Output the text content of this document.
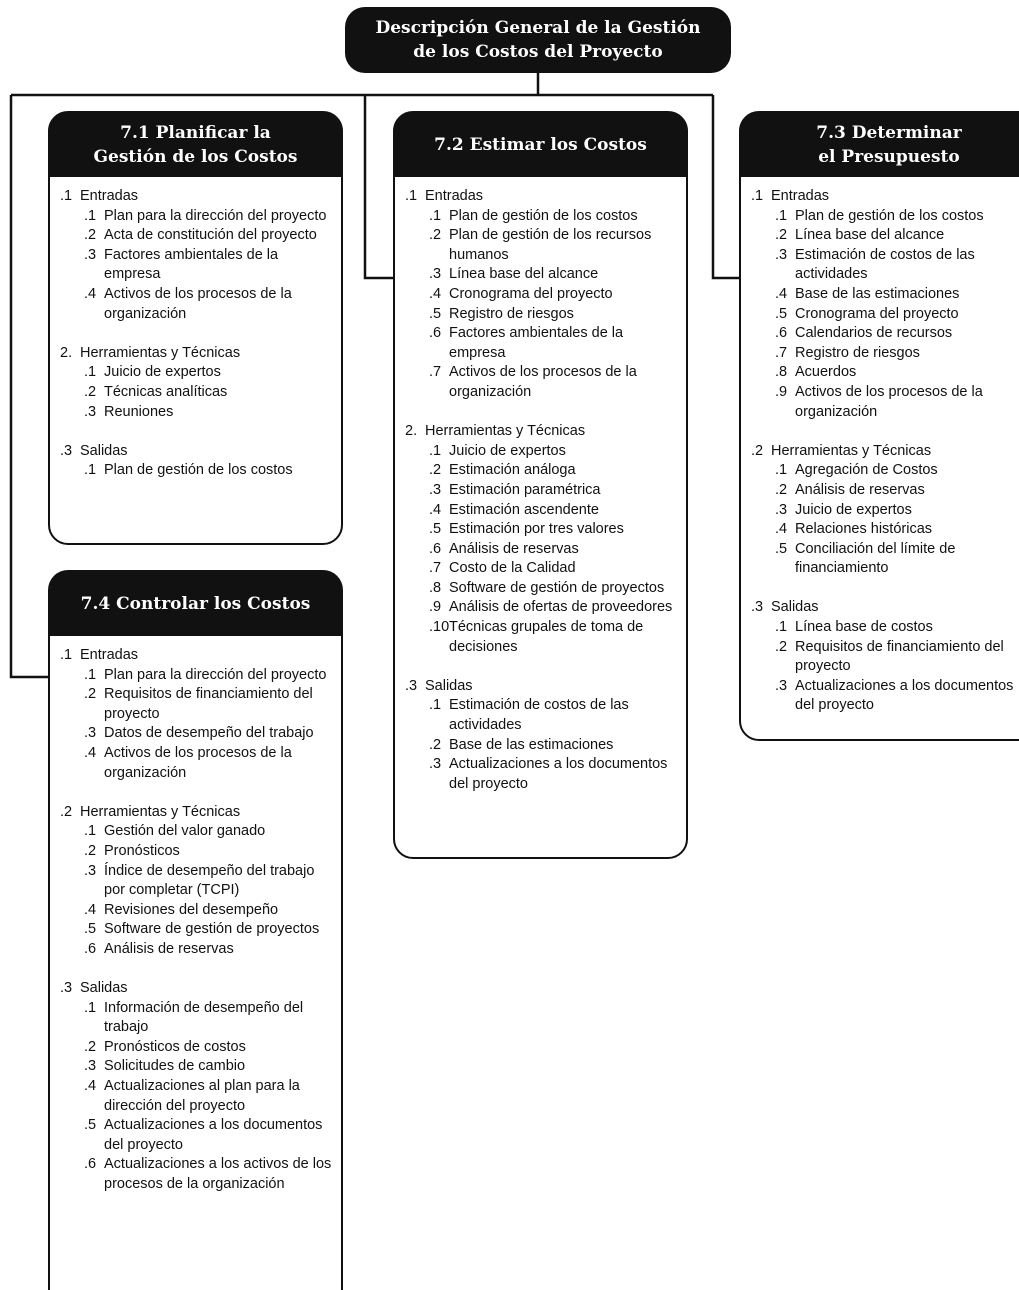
Descripción General de la Gestión
de los Costos del Proyecto
7.1 Planificar la
Gestión de los Costos
.1 Entradas
.1 Plan para la dirección del proyecto
.2 Acta de constitución del proyecto
.3 Factores ambientales de la empresa
.4 Activos de los procesos de la organización
2. Herramientas y Técnicas
.1 Juicio de expertos
.2 Técnicas analíticas
.3 Reuniones
.3 Salidas
.1 Plan de gestión de los costos
7.2 Estimar los Costos
.1 Entradas
.1 Plan de gestión de los costos
.2 Plan de gestión de los recursos humanos
.3 Línea base del alcance
.4 Cronograma del proyecto
.5 Registro de riesgos
.6 Factores ambientales de la empresa
.7 Activos de los procesos de la organización
2. Herramientas y Técnicas
.1 Juicio de expertos
.2 Estimación análoga
.3 Estimación paramétrica
.4 Estimación ascendente
.5 Estimación por tres valores
.6 Análisis de reservas
.7 Costo de la Calidad
.8 Software de gestión de proyectos
.9 Análisis de ofertas de proveedores
.10 Técnicas grupales de toma de decisiones
.3 Salidas
.1 Estimación de costos de las actividades
.2 Base de las estimaciones
.3 Actualizaciones a los documentos del proyecto
7.3 Determinar
el Presupuesto
.1 Entradas
.1 Plan de gestión de los costos
.2 Línea base del alcance
.3 Estimación de costos de las actividades
.4 Base de las estimaciones
.5 Cronograma del proyecto
.6 Calendarios de recursos
.7 Registro de riesgos
.8 Acuerdos
.9 Activos de los procesos de la organización
.2 Herramientas y Técnicas
.1 Agregación de Costos
.2 Análisis de reservas
.3 Juicio de expertos
.4 Relaciones históricas
.5 Conciliación del límite de financiamiento
.3 Salidas
.1 Línea base de costos
.2 Requisitos de financiamiento del proyecto
.3 Actualizaciones a los documentos del proyecto
7.4 Controlar los Costos
.1 Entradas
.1 Plan para la dirección del proyecto
.2 Requisitos de financiamiento del proyecto
.3 Datos de desempeño del trabajo
.4 Activos de los procesos de la organización
.2 Herramientas y Técnicas
.1 Gestión del valor ganado
.2 Pronósticos
.3 Índice de desempeño del trabajo por completar (TCPI)
.4 Revisiones del desempeño
.5 Software de gestión de proyectos
.6 Análisis de reservas
.3 Salidas
.1 Información de desempeño del trabajo
.2 Pronósticos de costos
.3 Solicitudes de cambio
.4 Actualizaciones al plan para la dirección del proyecto
.5 Actualizaciones a los documentos del proyecto
.6 Actualizaciones a los activos de los procesos de la organización
